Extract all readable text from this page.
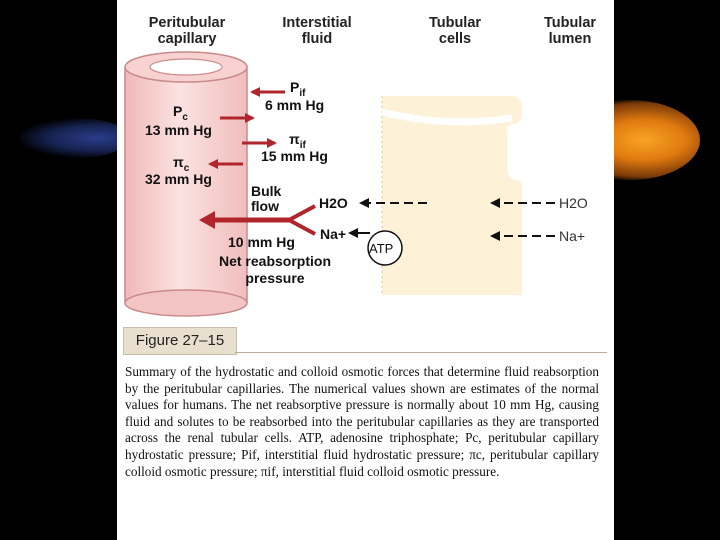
Peritubular
capillary
Interstitial
fluid
Tubular
cells
Tubular
lumen
$P_{if}$
6 mm Hg
$P_c$
13 mm Hg
$\pi_{if}$
15 mm Hg
$\pi_c$
32 mm Hg
Bulk
flow
10 mm Hg
Net reabsorption
pressure
H2O
Na+
ATP
H2O
Na+
Figure 27–15
Summary of the hydrostatic and colloid osmotic forces that determine fluid reabsorption by the peritubular capillaries. The numerical values shown are estimates of the normal values for humans. The net reabsorptive pressure is normally about 10 mm Hg, causing fluid and solutes to be reabsorbed into the peritubular capillaries as they are transported across the renal tubular cells. ATP, adenosine triphosphate; Pc, peritubular capillary hydrostatic pressure; Pif, interstitial fluid hydrostatic pressure; πc, peritubular capillary colloid osmotic pressure; πif, interstitial fluid colloid osmotic pressure.
